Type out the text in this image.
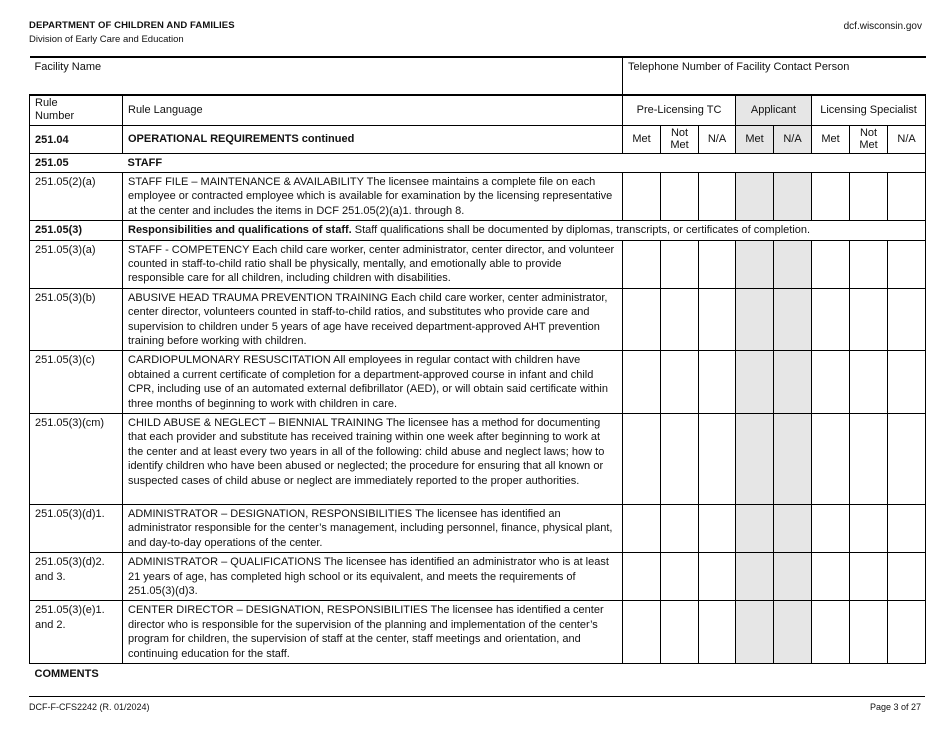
DEPARTMENT OF CHILDREN AND FAMILIES
Division of Early Care and Education
dcf.wisconsin.gov
Facility Name		Telephone Number of Facility Contact Person							

Rule Number	Rule Language	Pre-Licensing TC			Applicant		Licensing Specialist		
251.04	OPERATIONAL REQUIREMENTS continued	Met	Not Met	N/A	Met	N/A	Met	Not Met	N/A
251.05	STAFF								
251.05(2)(a)	STAFF FILE – MAINTENANCE & AVAILABILITY The licensee maintains a complete file on each employee or contracted employee which is available for examination by the licensing representative at the center and includes the items in DCF 251.05(2)(a)1. through 8.								
251.05(3)	Responsibilities and qualifications of staff. Staff qualifications shall be documented by diplomas, transcripts, or certificates of completion.								
251.05(3)(a)	STAFF - COMPETENCY Each child care worker, center administrator, center director, and volunteer counted in staff-to-child ratio shall be physically, mentally, and emotionally able to provide responsible care for all children, including children with disabilities.								
251.05(3)(b)	ABUSIVE HEAD TRAUMA PREVENTION TRAINING Each child care worker, center administrator, center director, volunteers counted in staff-to-child ratios, and substitutes who provide care and supervision to children under 5 years of age have received department-approved AHT prevention training before working with children.								
251.05(3)(c)	CARDIOPULMONARY RESUSCITATION All employees in regular contact with children have obtained a current certificate of completion for a department-approved course in infant and child CPR, including use of an automated external defibrillator (AED), or will obtain said certificate within three months of beginning to work with children in care.								
251.05(3)(cm)	CHILD ABUSE & NEGLECT – BIENNIAL TRAINING The licensee has a method for documenting that each provider and substitute has received training within one week after beginning to work at the center and at least every two years in all of the following: child abuse and neglect laws; how to identify children who have been abused or neglected; the procedure for ensuring that all known or suspected cases of child abuse or neglect are immediately reported to the proper authorities.								
251.05(3)(d)1.	ADMINISTRATOR – DESIGNATION, RESPONSIBILITIES The licensee has identified an administrator responsible for the center’s management, including personnel, finance, physical plant, and day-to-day operations of the center.								
251.05(3)(d)2. and 3.	ADMINISTRATOR – QUALIFICATIONS The licensee has identified an administrator who is at least 21 years of age, has completed high school or its equivalent, and meets the requirements of 251.05(3)(d)3.								
251.05(3)(e)1. and 2.	CENTER DIRECTOR – DESIGNATION, RESPONSIBILITIES The licensee has identified a center director who is responsible for the supervision of the planning and implementation of the center’s program for children, the supervision of staff at the center, staff meetings and orientation, and continuing education for the staff.								
COMMENTS									
DCF-F-CFS2242 (R. 01/2024)	Page 3 of 27
